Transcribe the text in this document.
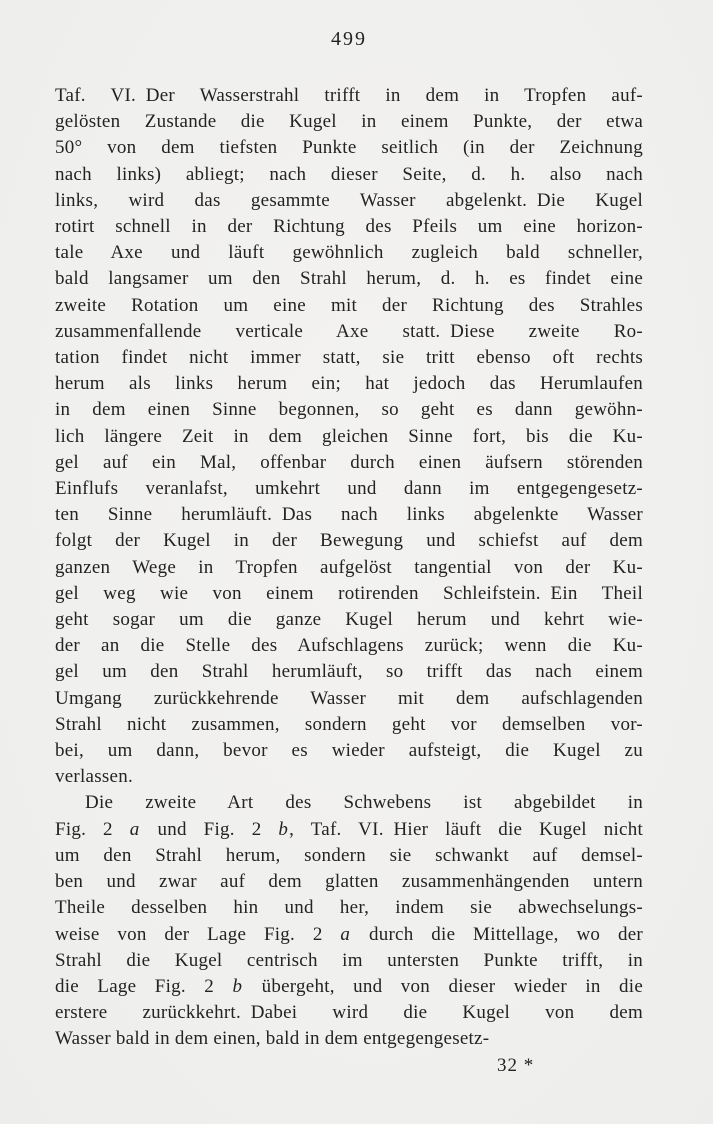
499
Taf. VI. Der Wasserstrahl trifft in dem in Tropfen auf-
gelösten Zustande die Kugel in einem Punkte, der etwa
50° von dem tiefsten Punkte seitlich (in der Zeichnung
nach links) abliegt; nach dieser Seite, d. h. also nach
links, wird das gesammte Wasser abgelenkt. Die Kugel
rotirt schnell in der Richtung des Pfeils um eine horizon-
tale Axe und läuft gewöhnlich zugleich bald schneller,
bald langsamer um den Strahl herum, d. h. es findet eine
zweite Rotation um eine mit der Richtung des Strahles
zusammenfallende verticale Axe statt. Diese zweite Ro-
tation findet nicht immer statt, sie tritt ebenso oft rechts
herum als links herum ein; hat jedoch das Herumlaufen
in dem einen Sinne begonnen, so geht es dann gewöhn-
lich längere Zeit in dem gleichen Sinne fort, bis die Ku-
gel auf ein Mal, offenbar durch einen äufsern störenden
Einflufs veranlafst, umkehrt und dann im entgegengesetz-
ten Sinne herumläuft. Das nach links abgelenkte Wasser
folgt der Kugel in der Bewegung und schiefst auf dem
ganzen Wege in Tropfen aufgelöst tangential von der Ku-
gel weg wie von einem rotirenden Schleifstein. Ein Theil
geht sogar um die ganze Kugel herum und kehrt wie-
der an die Stelle des Aufschlagens zurück; wenn die Ku-
gel um den Strahl herumläuft, so trifft das nach einem
Umgang zurückkehrende Wasser mit dem aufschlagenden
Strahl nicht zusammen, sondern geht vor demselben vor-
bei, um dann, bevor es wieder aufsteigt, die Kugel zu
verlassen.
Die zweite Art des Schwebens ist abgebildet in
Fig. 2 a und Fig. 2 b, Taf. VI. Hier läuft die Kugel nicht
um den Strahl herum, sondern sie schwankt auf demsel-
ben und zwar auf dem glatten zusammenhängenden untern
Theile desselben hin und her, indem sie abwechselungs-
weise von der Lage Fig. 2 a durch die Mittellage, wo der
Strahl die Kugel centrisch im untersten Punkte trifft, in
die Lage Fig. 2 b übergeht, und von dieser wieder in die
erstere zurückkehrt. Dabei wird die Kugel von dem
Wasser bald in dem einen, bald in dem entgegengesetz-
32 *
